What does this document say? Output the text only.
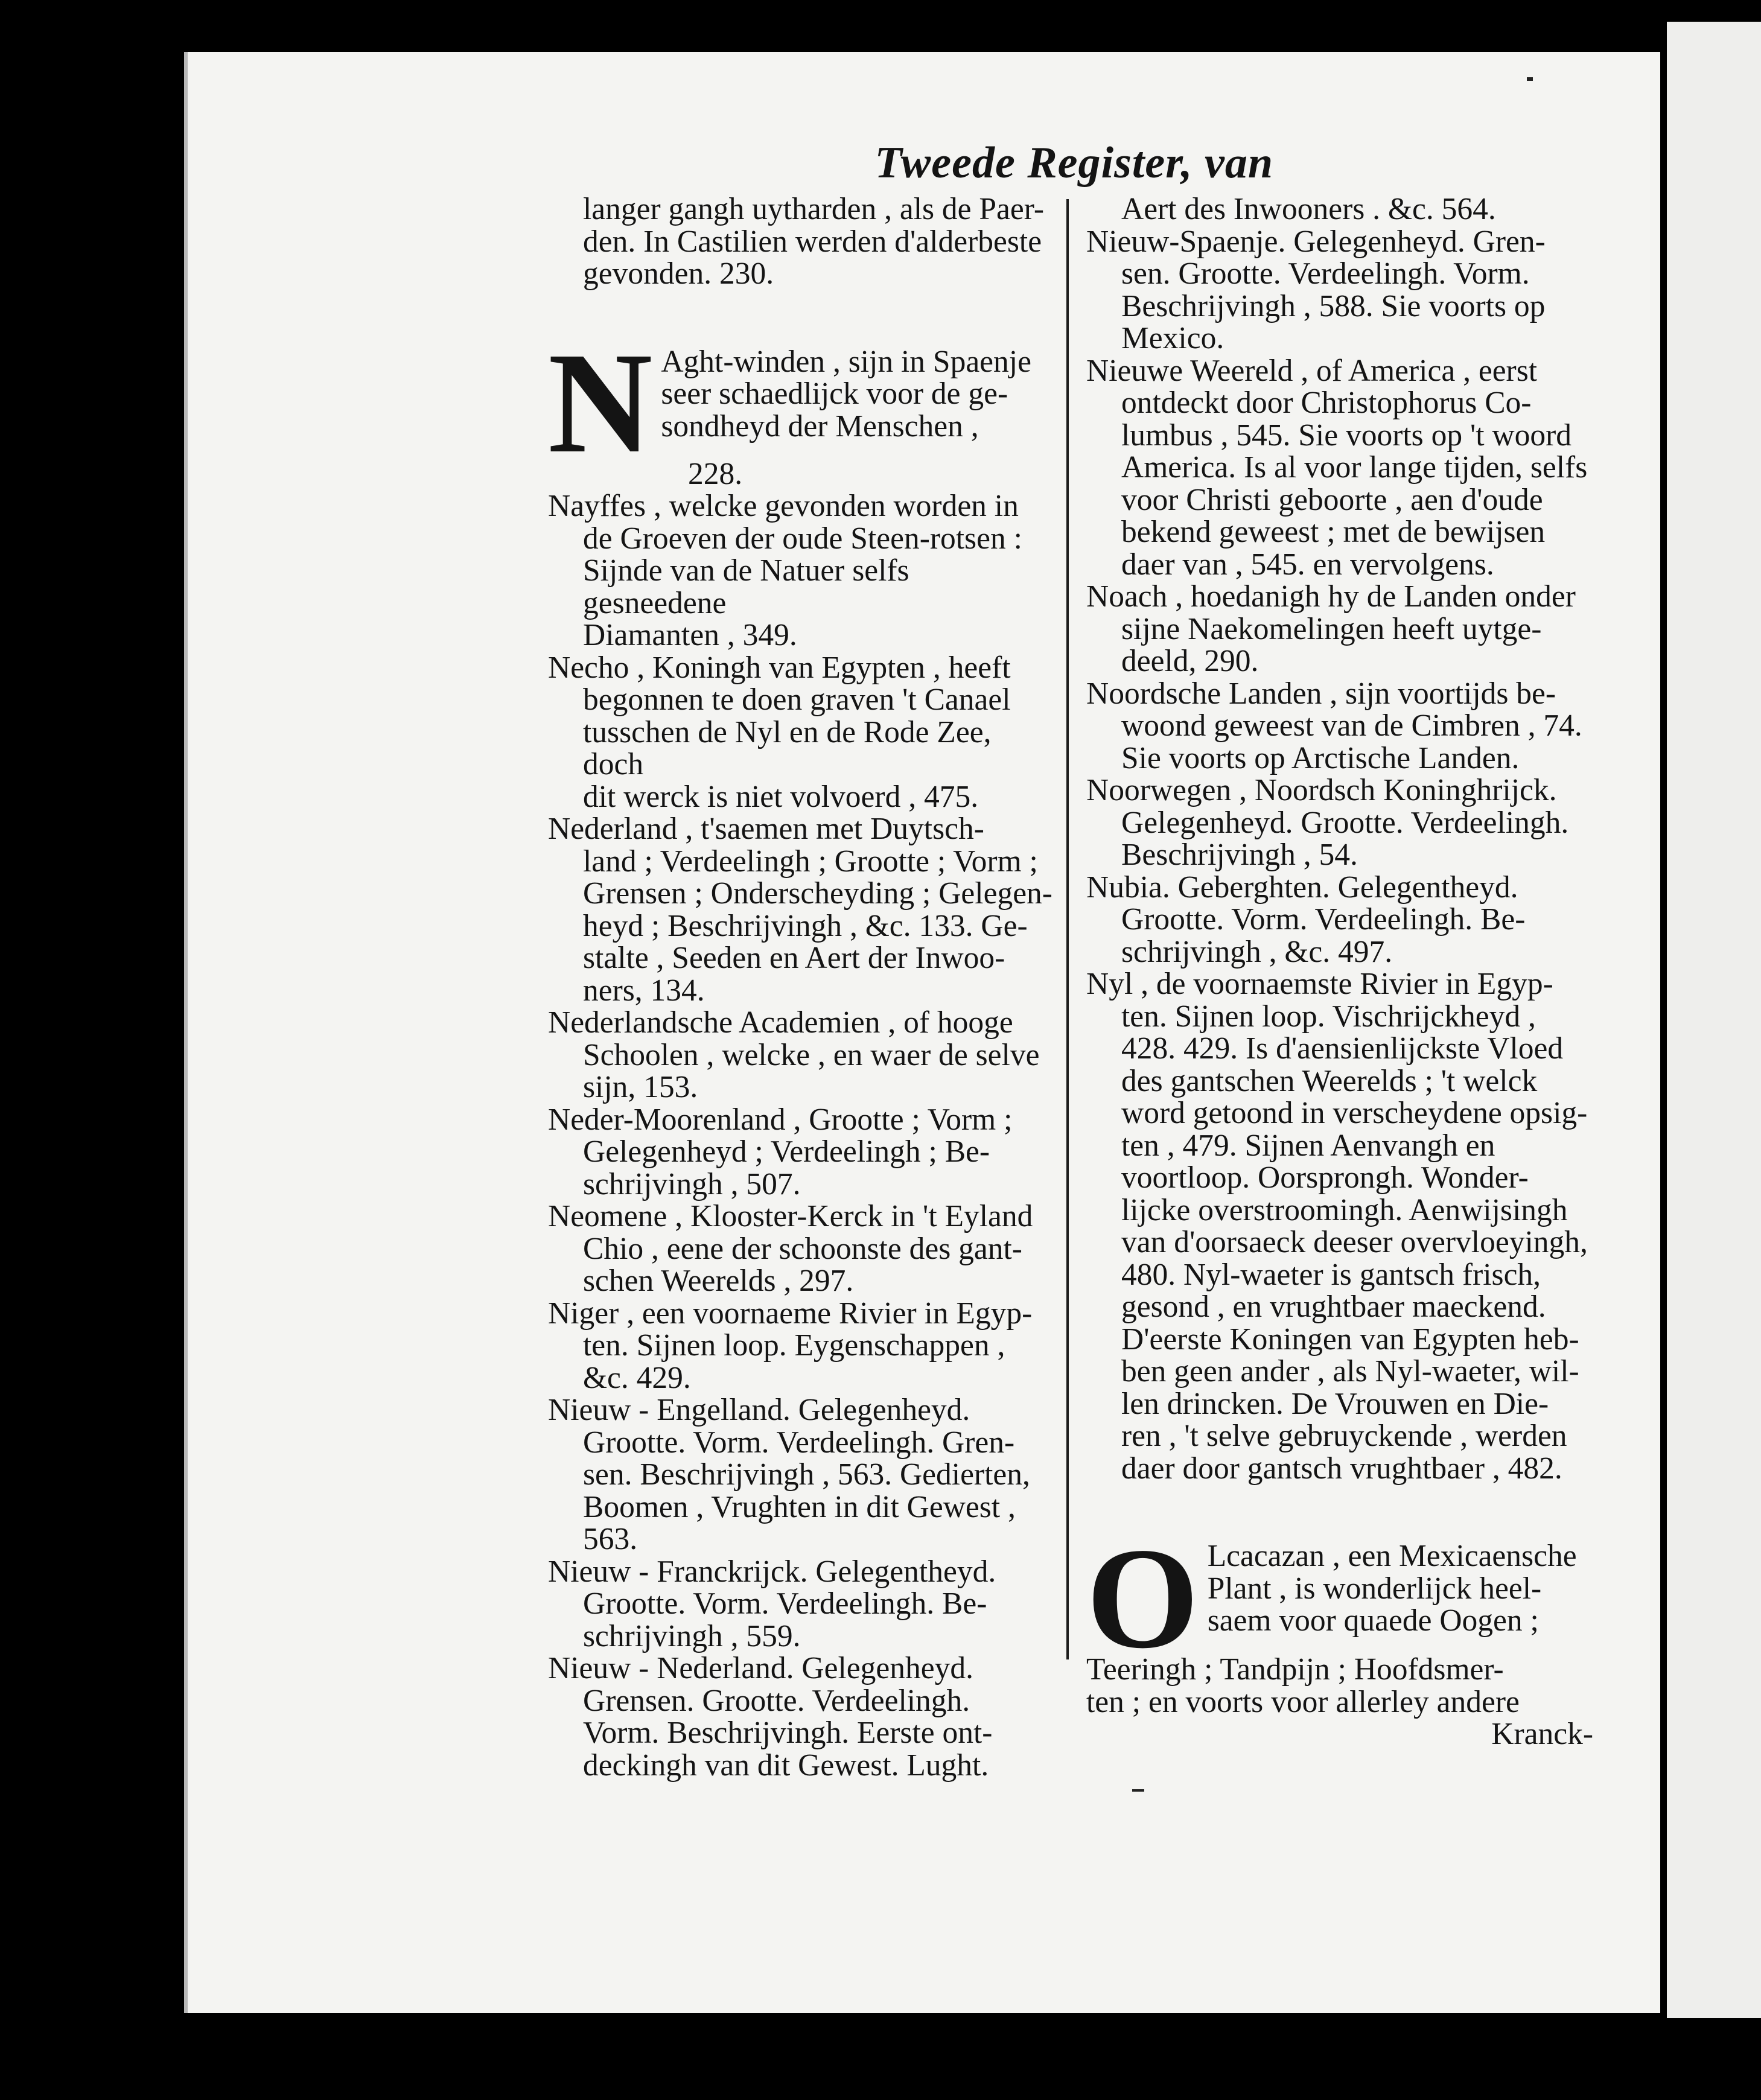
Tweede Register, van
langer gangh uytharden , als de Paer-
den. In Castilien werden d'alderbeste
gevonden. 230.
N Aght-winden , sijn in Spaenje
seer schaedlijck voor de ge-
sondheyd der Menschen ,
228.
Nayffes , welcke gevonden worden in
de Groeven der oude Steen-rotsen :
Sijnde van de Natuer selfs gesneedene
Diamanten , 349.
Necho , Koningh van Egypten , heeft
begonnen te doen graven 't Canael
tusschen de Nyl en de Rode Zee, doch
dit werck is niet volvoerd , 475.
Nederland , t'saemen met Duytsch-
land ; Verdeelingh ; Grootte ; Vorm ;
Grensen ; Onderscheyding ; Gelegen-
heyd ; Beschrijvingh , &c. 133. Ge-
stalte , Seeden en Aert der Inwoo-
ners, 134.
Nederlandsche Academien , of hooge
Schoolen , welcke , en waer de selve
sijn, 153.
Neder-Moorenland , Grootte ; Vorm ;
Gelegenheyd ; Verdeelingh ; Be-
schrijvingh , 507.
Neomene , Klooster-Kerck in 't Eyland
Chio , eene der schoonste des gant-
schen Weerelds , 297.
Niger , een voornaeme Rivier in Egyp-
ten. Sijnen loop. Eygenschappen ,
&c. 429.
Nieuw - Engelland. Gelegenheyd.
Grootte. Vorm. Verdeelingh. Gren-
sen. Beschrijvingh , 563. Gedierten,
Boomen , Vrughten in dit Gewest ,
563.
Nieuw - Franckrijck. Gelegentheyd.
Grootte. Vorm. Verdeelingh. Be-
schrijvingh , 559.
Nieuw - Nederland. Gelegenheyd.
Grensen. Grootte. Verdeelingh.
Vorm. Beschrijvingh. Eerste ont-
deckingh van dit Gewest. Lught.
Aert des Inwooners . &c. 564.
Nieuw-Spaenje. Gelegenheyd. Gren-
sen. Grootte. Verdeelingh. Vorm.
Beschrijvingh , 588. Sie voorts op
Mexico.
Nieuwe Weereld , of America , eerst
ontdeckt door Christophorus Co-
lumbus , 545. Sie voorts op 't woord
America. Is al voor lange tijden, selfs
voor Christi geboorte , aen d'oude
bekend geweest ; met de bewijsen
daer van , 545. en vervolgens.
Noach , hoedanigh hy de Landen onder
sijne Naekomelingen heeft uytge-
deeld, 290.
Noordsche Landen , sijn voortijds be-
woond geweest van de Cimbren , 74.
Sie voorts op Arctische Landen.
Noorwegen , Noordsch Koninghrijck.
Gelegenheyd. Grootte. Verdeelingh.
Beschrijvingh , 54.
Nubia. Geberghten. Gelegentheyd.
Grootte. Vorm. Verdeelingh. Be-
schrijvingh , &c. 497.
Nyl , de voornaemste Rivier in Egyp-
ten. Sijnen loop. Vischrijckheyd ,
428. 429. Is d'aensienlijckste Vloed
des gantschen Weerelds ; 't welck
word getoond in verscheydene opsig-
ten , 479. Sijnen Aenvangh en
voortloop. Oorsprongh. Wonder-
lijcke overstroomingh. Aenwijsingh
van d'oorsaeck deeser overvloeyingh,
480. Nyl-waeter is gantsch frisch,
gesond , en vrughtbaer maeckend.
D'eerste Koningen van Egypten heb-
ben geen ander , als Nyl-waeter, wil-
len drincken. De Vrouwen en Die-
ren , 't selve gebruyckende , werden
daer door gantsch vrughtbaer , 482.
O Lcacazan , een Mexicaensche
Plant , is wonderlijck heel-
saem voor quaede Oogen ;
Teeringh ; Tandpijn ; Hoofdsmer-
ten ; en voorts voor allerley andere
Kranck-
